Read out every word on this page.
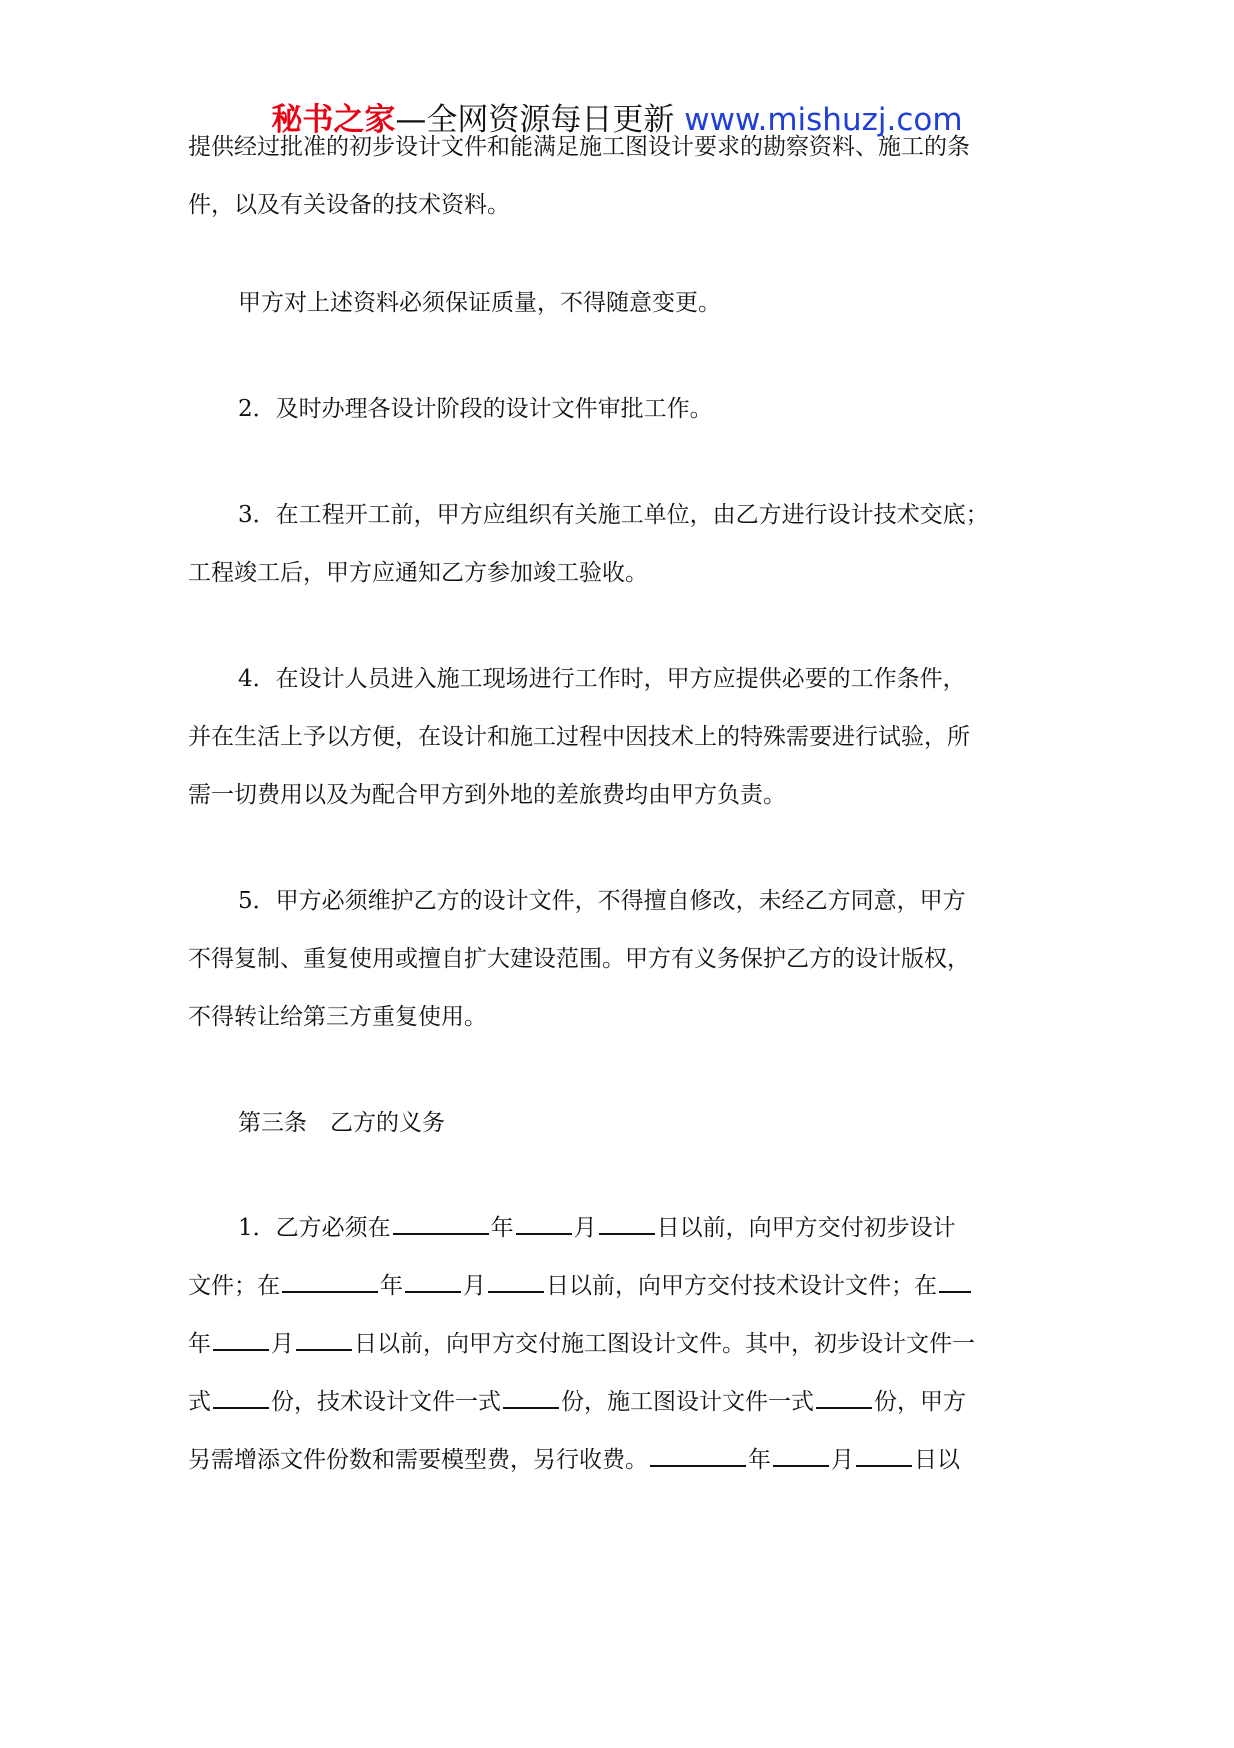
秘书之家—全网资源每日更新 www.mishuzj.com
提供经过批准的初步设计文件和能满足施工图设计要求的勘察资料、施工的条
件，以及有关设备的技术资料。
甲方对上述资料必须保证质量，不得随意变更。
2．及时办理各设计阶段的设计文件审批工作。
3．在工程开工前，甲方应组织有关施工单位，由乙方进行设计技术交底；
工程竣工后，甲方应通知乙方参加竣工验收。
4．在设计人员进入施工现场进行工作时，甲方应提供必要的工作条件，
并在生活上予以方便，在设计和施工过程中因技术上的特殊需要进行试验，所
需一切费用以及为配合甲方到外地的差旅费均由甲方负责。
5．甲方必须维护乙方的设计文件，不得擅自修改，未经乙方同意，甲方
不得复制、重复使用或擅自扩大建设范围。甲方有义务保护乙方的设计版权，
不得转让给第三方重复使用。
第三条　乙方的义务
1．乙方必须在	年	月	日以前，向甲方交付初步设计
文件；在	年	月	日以前，向甲方交付技术设计文件；在
年	月	日以前，向甲方交付施工图设计文件。其中，初步设计文件一
式	份，技术设计文件一式	份，施工图设计文件一式	份，甲方
另需增添文件份数和需要模型费，另行收费。	年	月	日以
